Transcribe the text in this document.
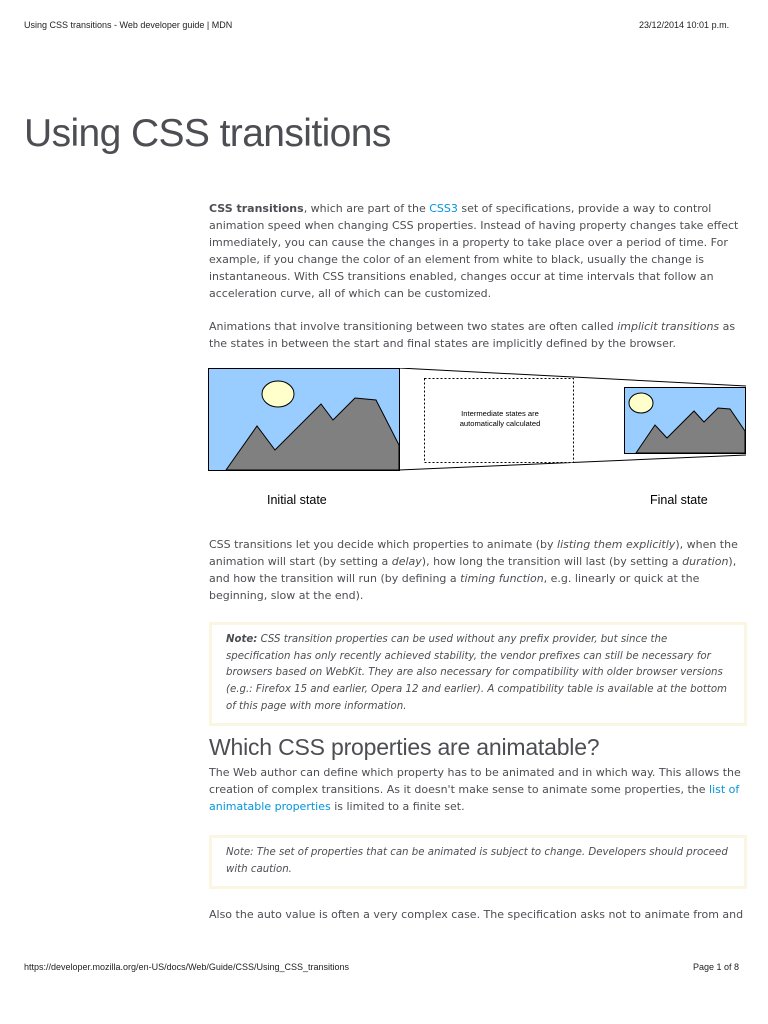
Using CSS transitions - Web developer guide | MDN	23/12/2014 10:01 p.m.
Using CSS transitions

CSS transitions, which are part of the CSS3 set of specifications, provide a way to control animation speed when changing CSS properties. Instead of having property changes take effect immediately, you can cause the changes in a property to take place over a period of time. For example, if you change the color of an element from white to black, usually the change is instantaneous. With CSS transitions enabled, changes occur at time intervals that follow an acceleration curve, all of which can be customized.

Animations that involve transitioning between two states are often called implicit transitions as the states in between the start and final states are implicitly defined by the browser.

Intermediate states are
automatically calculated
Initial state	Final state

CSS transitions let you decide which properties to animate (by listing them explicitly), when the animation will start (by setting a delay), how long the transition will last (by setting a duration), and how the transition will run (by defining a timing function, e.g. linearly or quick at the beginning, slow at the end).

Note: CSS transition properties can be used without any prefix provider, but since the specification has only recently achieved stability, the vendor prefixes can still be necessary for browsers based on WebKit. They are also necessary for compatibility with older browser versions (e.g.: Firefox 15 and earlier, Opera 12 and earlier). A compatibility table is available at the bottom of this page with more information.
Which CSS properties are animatable?

The Web author can define which property has to be animated and in which way. This allows the creation of complex transitions. As it doesn't make sense to animate some properties, the list of animatable properties is limited to a finite set.

Note: The set of properties that can be animated is subject to change. Developers should proceed with caution.

Also the auto value is often a very complex case. The specification asks not to animate from and

https://developer.mozilla.org/en-US/docs/Web/Guide/CSS/Using_CSS_transitions	Page 1 of 8
